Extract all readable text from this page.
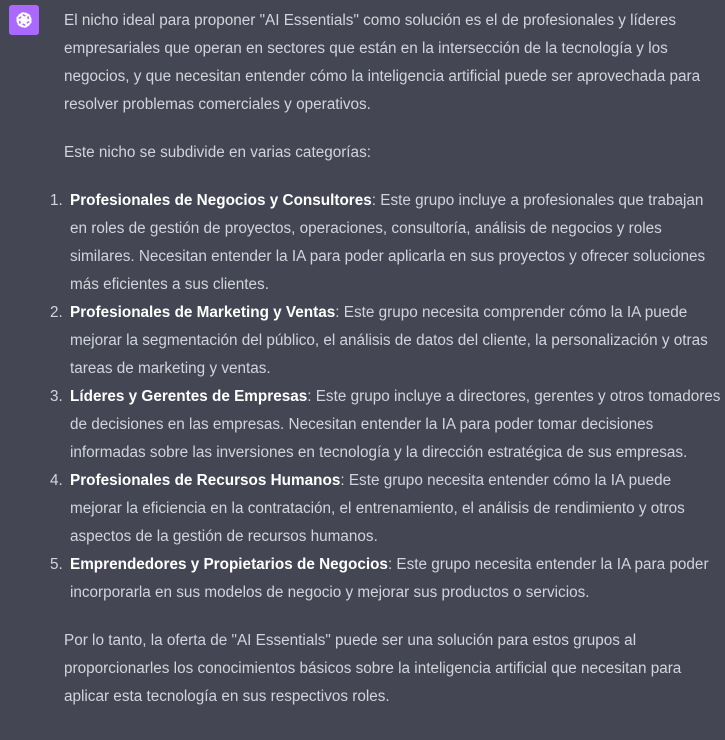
El nicho ideal para proponer "AI Essentials" como solución es el de profesionales y líderes empresariales que operan en sectores que están en la intersección de la tecnología y los negocios, y que necesitan entender cómo la inteligencia artificial puede ser aprovechada para resolver problemas comerciales y operativos.

Este nicho se subdivide en varias categorías:

1. Profesionales de Negocios y Consultores: Este grupo incluye a profesionales que trabajan en roles de gestión de proyectos, operaciones, consultoría, análisis de negocios y roles similares. Necesitan entender la IA para poder aplicarla en sus proyectos y ofrecer soluciones más eficientes a sus clientes.
2. Profesionales de Marketing y Ventas: Este grupo necesita comprender cómo la IA puede mejorar la segmentación del público, el análisis de datos del cliente, la personalización y otras tareas de marketing y ventas.
3. Líderes y Gerentes de Empresas: Este grupo incluye a directores, gerentes y otros tomadores de decisiones en las empresas. Necesitan entender la IA para poder tomar decisiones informadas sobre las inversiones en tecnología y la dirección estratégica de sus empresas.
4. Profesionales de Recursos Humanos: Este grupo necesita entender cómo la IA puede mejorar la eficiencia en la contratación, el entrenamiento, el análisis de rendimiento y otros aspectos de la gestión de recursos humanos.
5. Emprendedores y Propietarios de Negocios: Este grupo necesita entender la IA para poder incorporarla en sus modelos de negocio y mejorar sus productos o servicios.

Por lo tanto, la oferta de "AI Essentials" puede ser una solución para estos grupos al proporcionarles los conocimientos básicos sobre la inteligencia artificial que necesitan para aplicar esta tecnología en sus respectivos roles.
